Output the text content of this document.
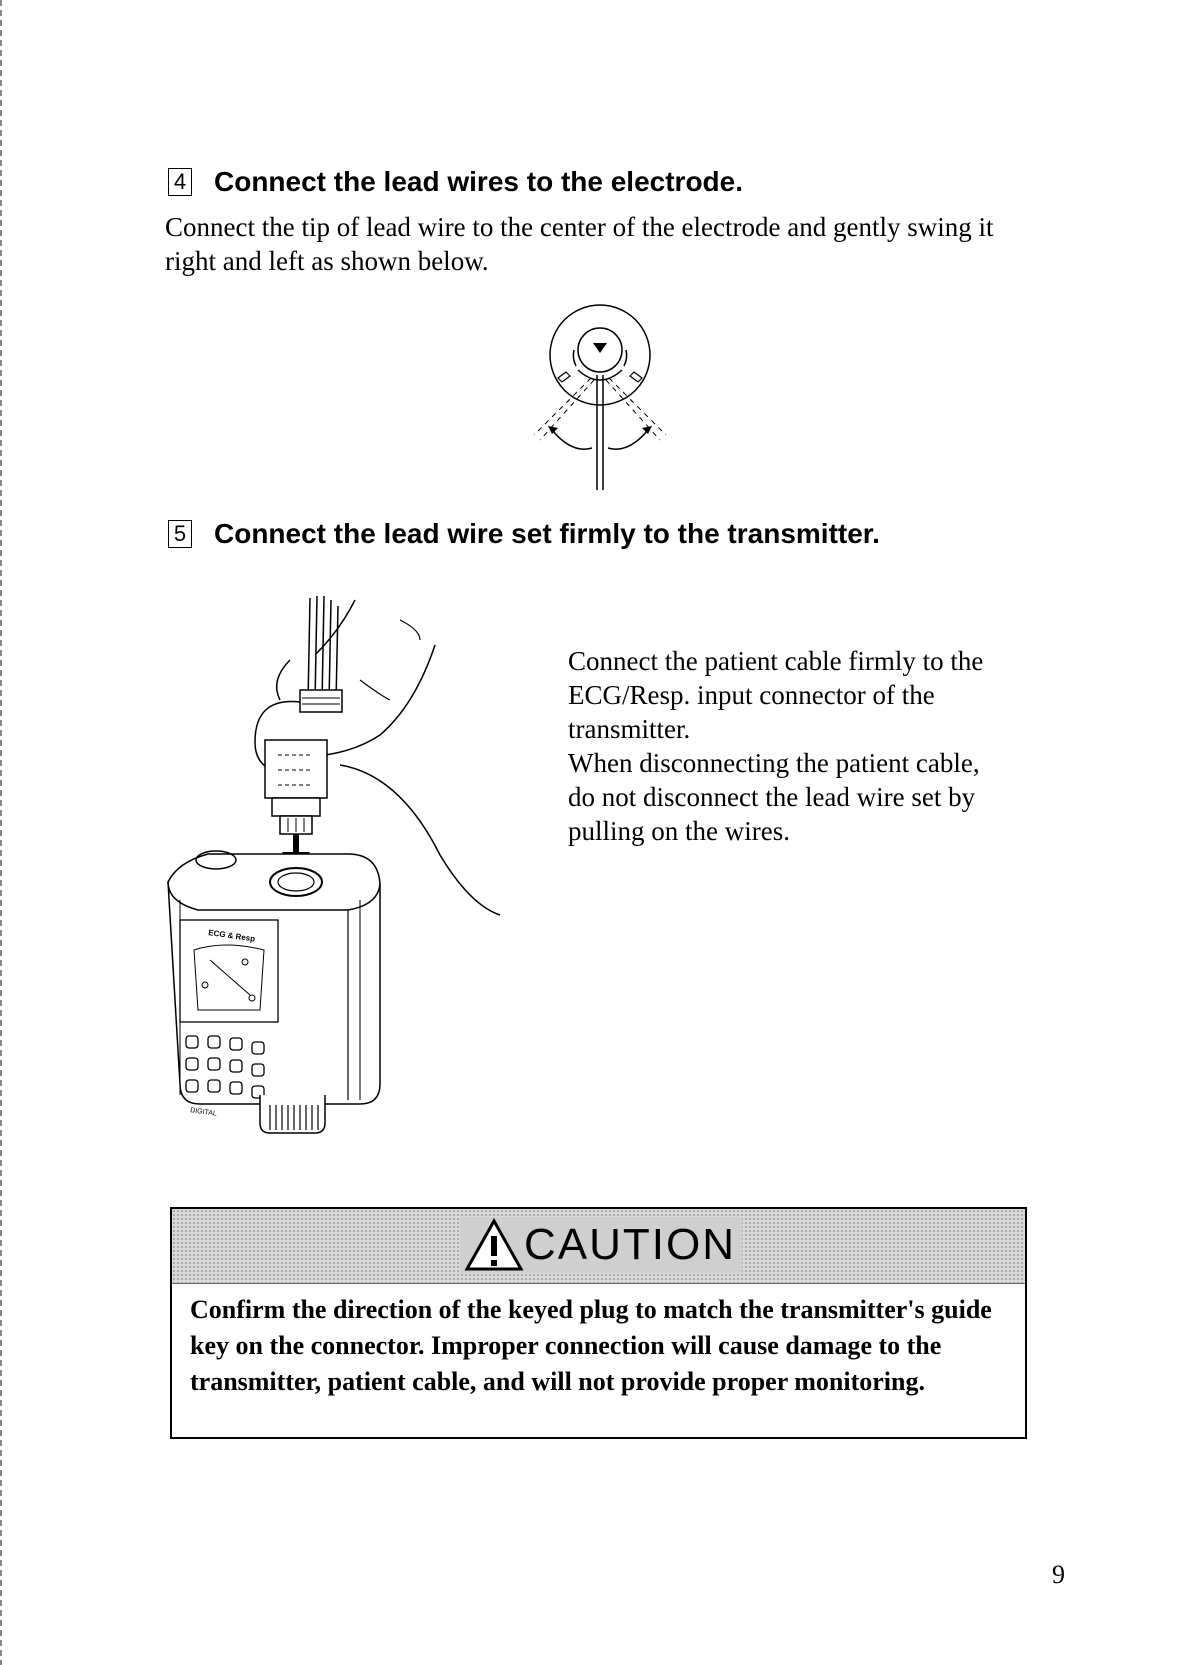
4 Connect the lead wires to the electrode.
Connect the tip of lead wire to the center of the electrode and gently swing it right and left as shown below.
5 Connect the lead wire set firmly to the transmitter.
Connect the patient cable firmly to the ECG/Resp. input connector of the transmitter.
When disconnecting the patient cable, do not disconnect the lead wire set by pulling on the wires.
ECG & Resp
DIGITAL
CAUTION
Confirm the direction of the keyed plug to match the transmitter's guide key on the connector. Improper connection will cause damage to the transmitter, patient cable, and will not provide proper monitoring.
9
